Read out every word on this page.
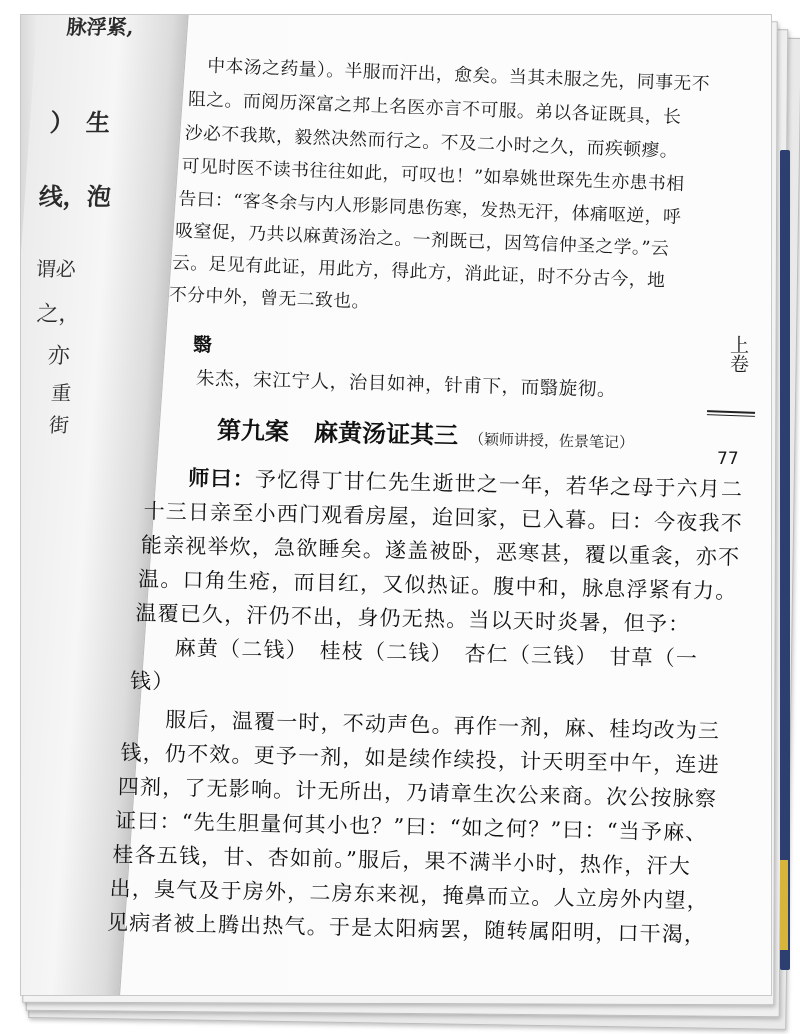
脉浮紧,
）　生
线，泡
谓必
之，
亦
重
街
中本汤之药量）。半服而汗出，愈矣。当其未服之先，同事无不
阻之。而阅历深富之邦上名医亦言不可服。弟以各证既具，长
沙必不我欺，毅然决然而行之。不及二小时之久，而疾顿瘳。
可见时医不读书往往如此，可叹也！”如皋姚世琛先生亦患书相
告曰：“客冬余与内人形影同患伤寒，发热无汗，体痛呕逆，呼
吸窒促，乃共以麻黄汤治之。一剂既已，因笃信仲圣之学。”云
云。足见有此证，用此方，得此方，消此证，时不分古今，地
不分中外，曾无二致也。
翳
朱杰，宋江宁人，治目如神，针甫下，而翳旋彻。
第九案 麻黄汤证其三 （颖师讲授，佐景笔记）
师曰：予忆得丁甘仁先生逝世之一年，若华之母于六月二
十三日亲至小西门观看房屋，迨回家，已入暮。曰：今夜我不
能亲视举炊，急欲睡矣。遂盖被卧，恶寒甚，覆以重衾，亦不
温。口角生疮，而目红，又似热证。腹中和，脉息浮紧有力。
温覆已久，汗仍不出，身仍无热。当以天时炎暑，但予：
麻黄（二钱）　桂枝（二钱）　杏仁（三钱）　甘草（一
钱）
服后，温覆一时，不动声色。再作一剂，麻、桂均改为三
钱，仍不效。更予一剂，如是续作续投，计天明至中午，连进
四剂，了无影响。计无所出，乃请章生次公来商。次公按脉察
证曰：“先生胆量何其小也？”曰：“如之何？”曰：“当予麻、
桂各五钱，甘、杏如前。”服后，果不满半小时，热作，汗大
出，臭气及于房外，二房东来视，掩鼻而立。人立房外内望，
见病者被上腾出热气。于是太阳病罢，随转属阳明，口干渴，
上卷
77
